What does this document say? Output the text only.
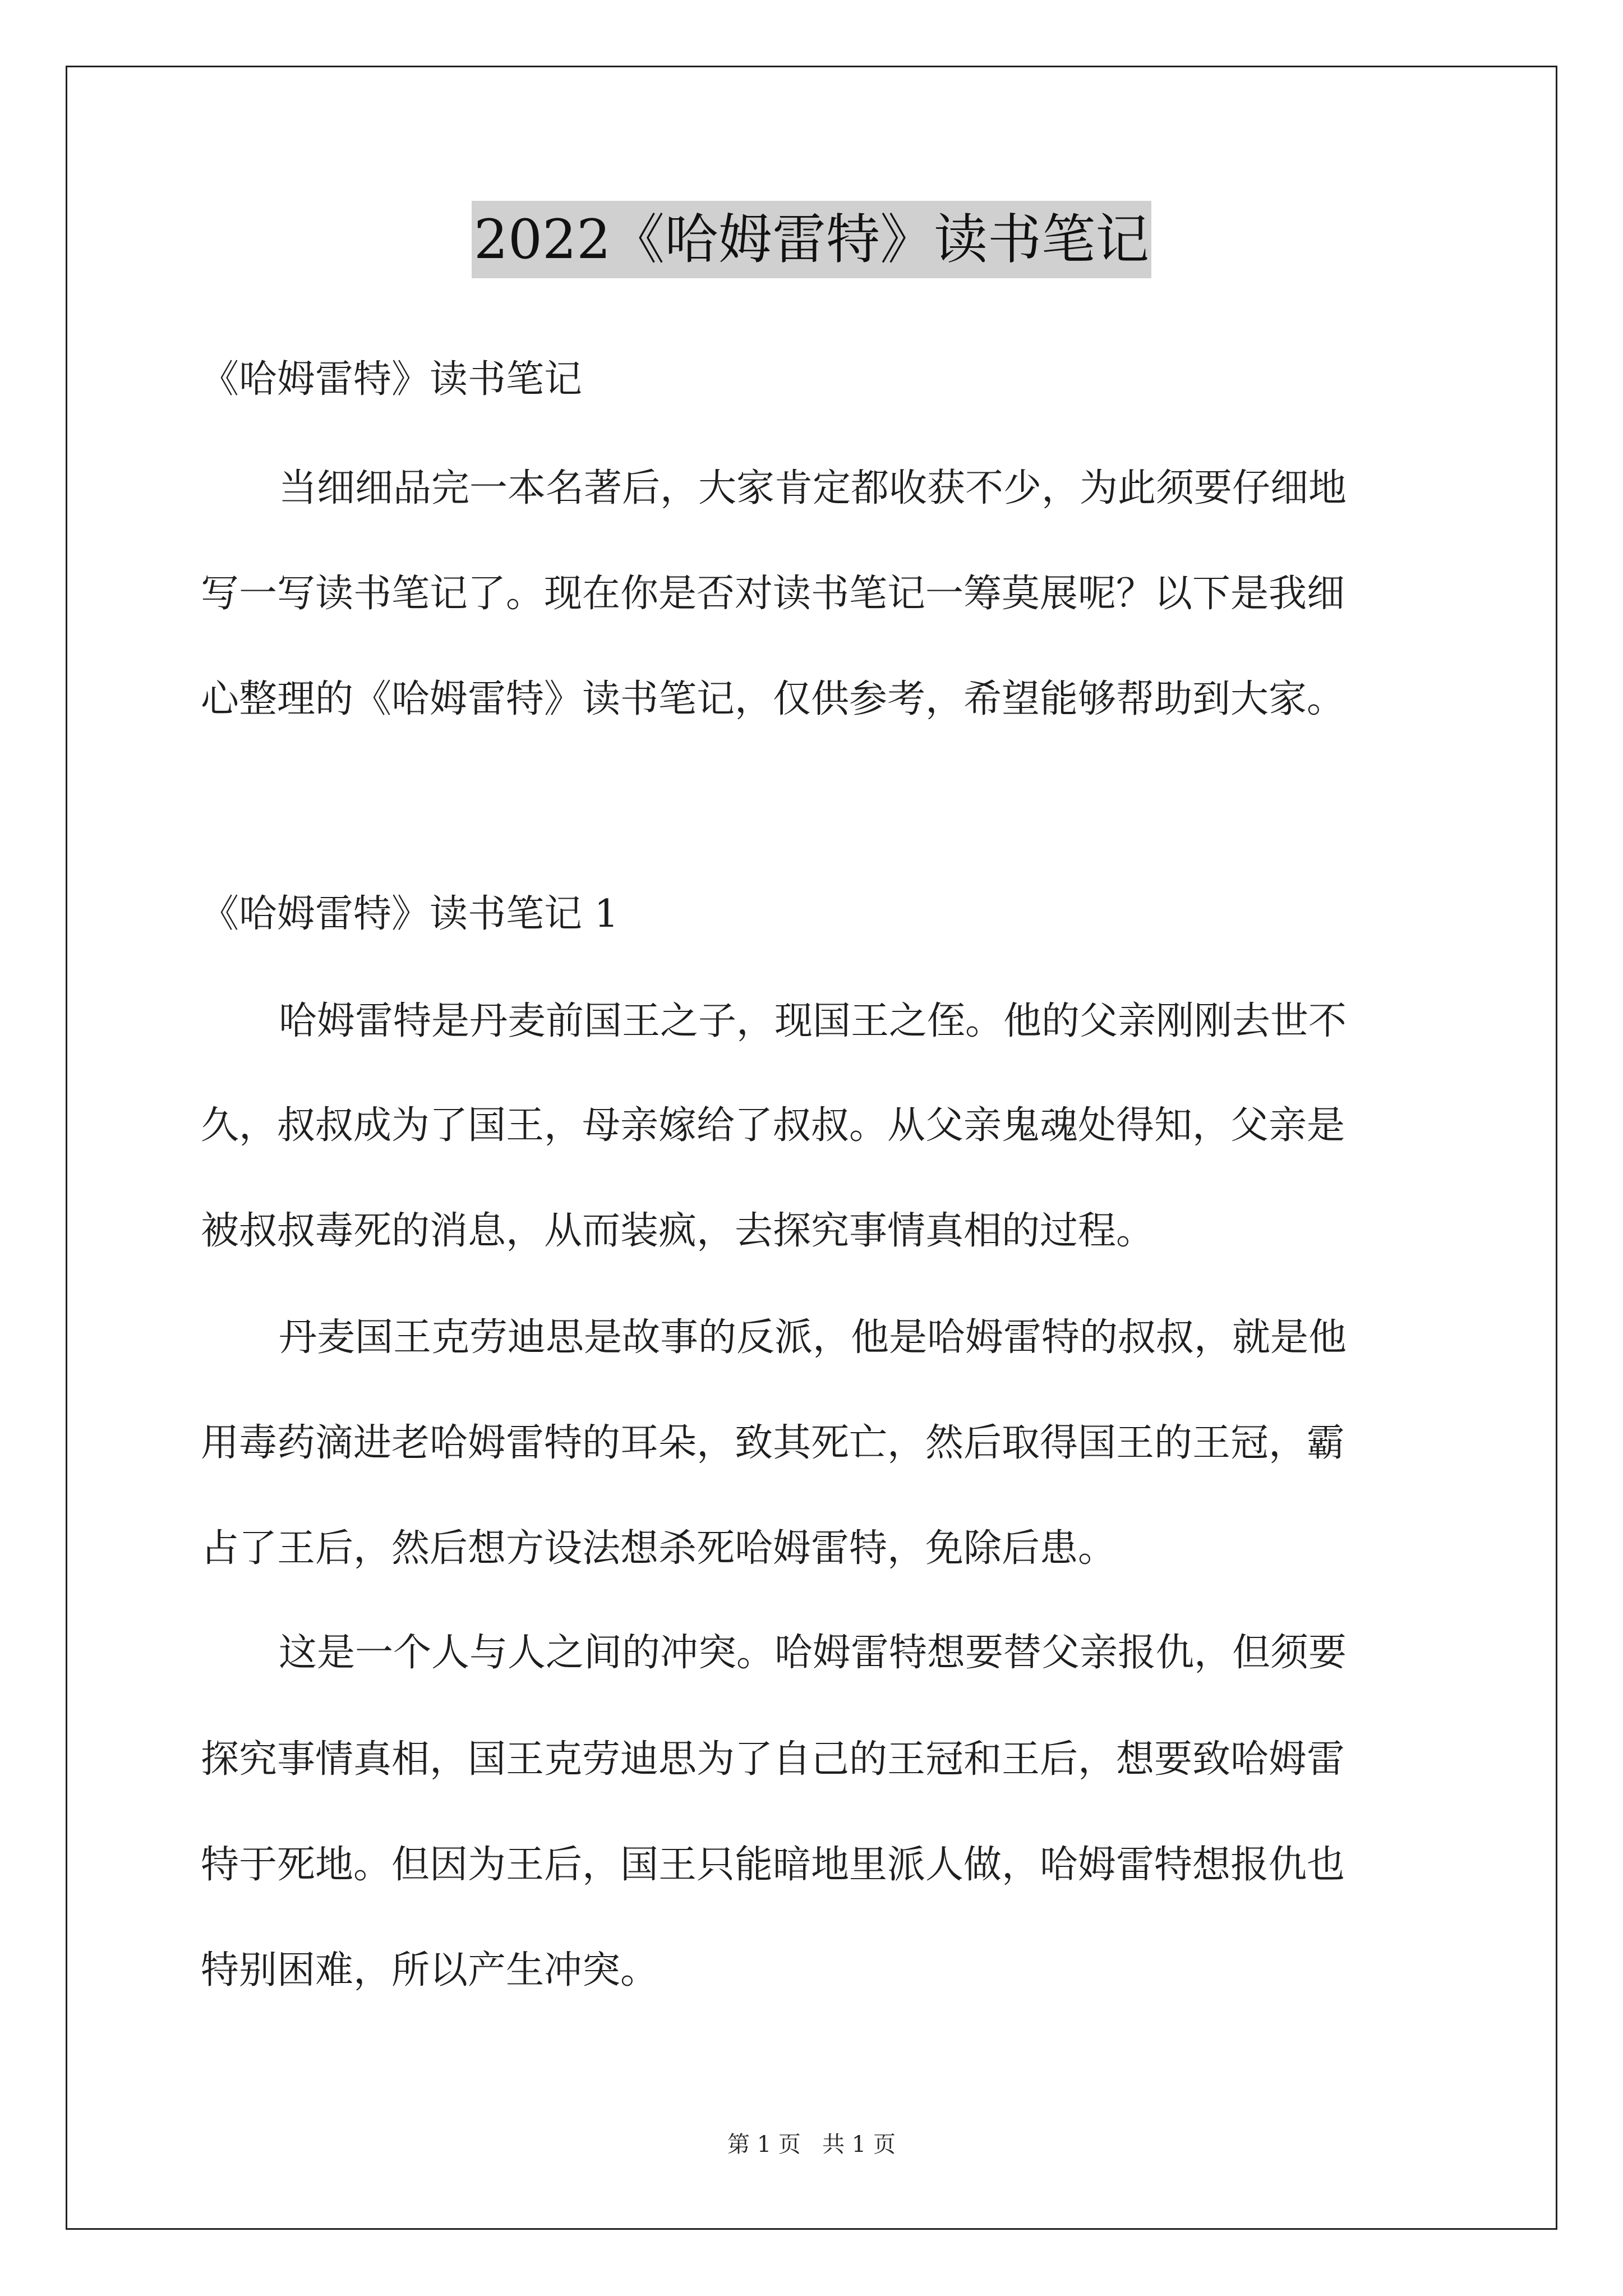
2022《哈姆雷特》读书笔记
《哈姆雷特》读书笔记
当细细品完一本名著后，大家肯定都收获不少，为此须要仔细地
写一写读书笔记了。现在你是否对读书笔记一筹莫展呢？以下是我细
心整理的《哈姆雷特》读书笔记，仅供参考，希望能够帮助到大家。
《哈姆雷特》读书笔记 1
哈姆雷特是丹麦前国王之子，现国王之侄。他的父亲刚刚去世不
久，叔叔成为了国王，母亲嫁给了叔叔。从父亲鬼魂处得知，父亲是
被叔叔毒死的消息，从而装疯，去探究事情真相的过程。
丹麦国王克劳迪思是故事的反派，他是哈姆雷特的叔叔，就是他
用毒药滴进老哈姆雷特的耳朵，致其死亡，然后取得国王的王冠，霸
占了王后，然后想方设法想杀死哈姆雷特，免除后患。
这是一个人与人之间的冲突。哈姆雷特想要替父亲报仇，但须要
探究事情真相，国王克劳迪思为了自己的王冠和王后，想要致哈姆雷
特于死地。但因为王后，国王只能暗地里派人做，哈姆雷特想报仇也
特别困难，所以产生冲突。
第 1 页   共 1 页
